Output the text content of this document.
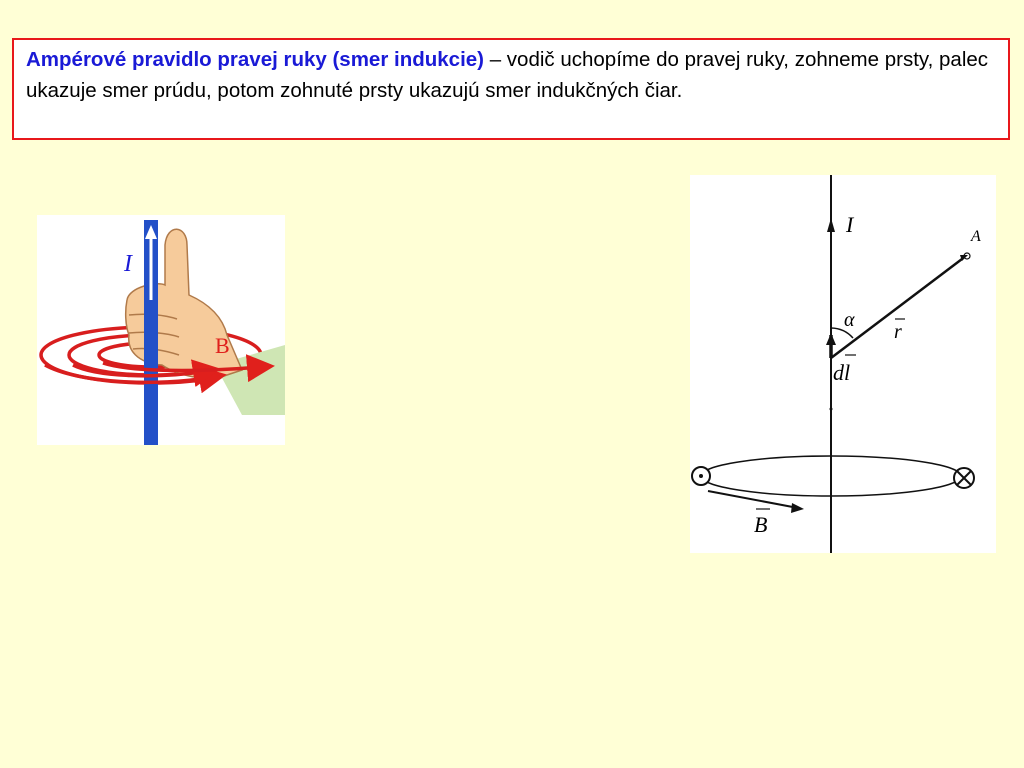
Ampérové pravidlo pravej ruky (smer indukcie) – vodič uchopíme do pravej ruky, zohneme prsty, palec ukazuje smer prúdu, potom zohnuté prsty ukazujú smer indukčných čiar.
I
B
I	A
r
α
dl
B
